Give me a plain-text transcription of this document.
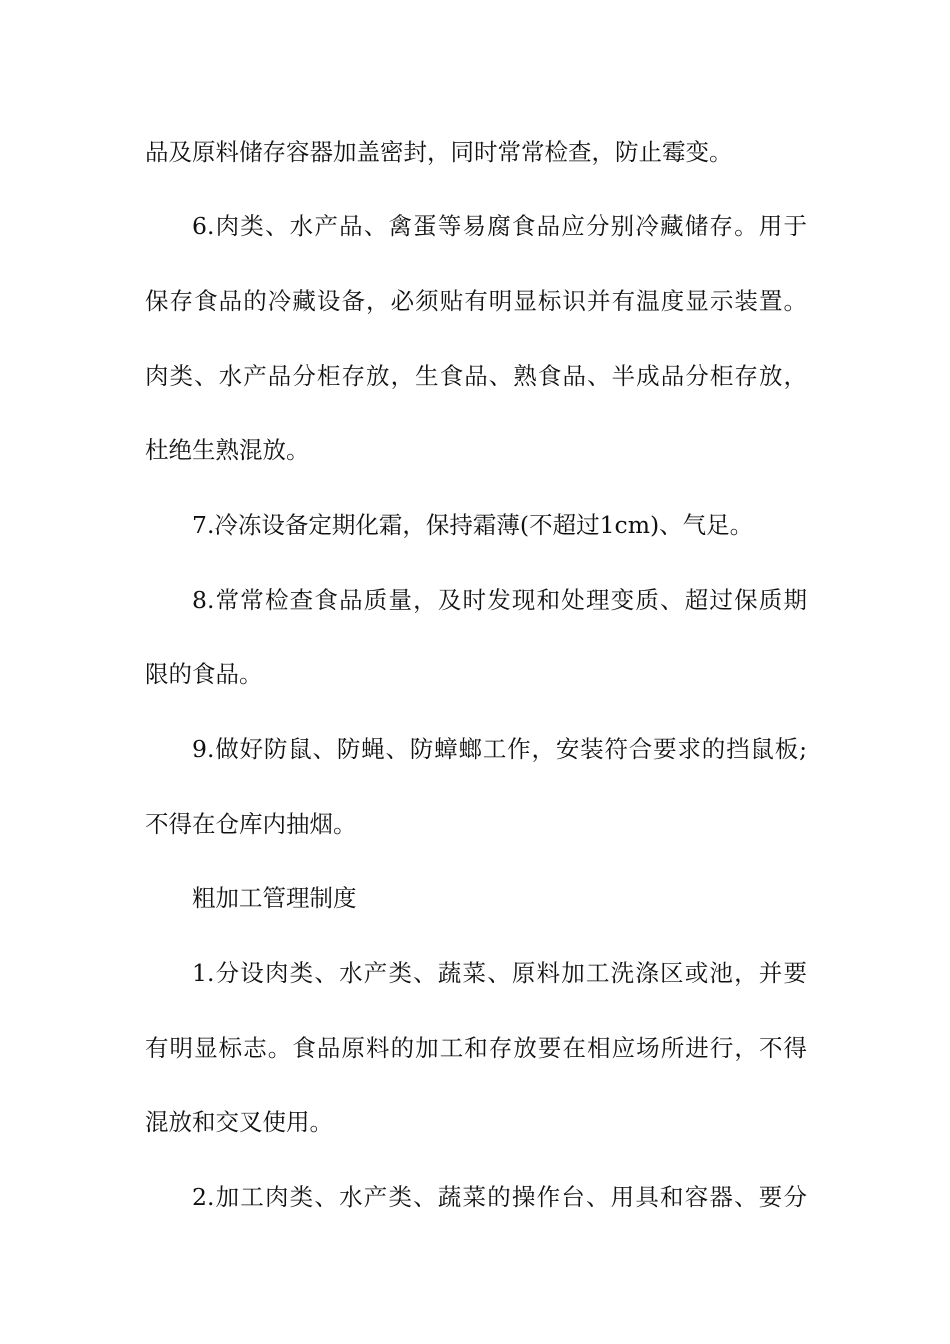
品及原料储存容器加盖密封，同时常常检查，防止霉变。
6.肉类、水产品、禽蛋等易腐食品应分别冷藏储存。用于
保存食品的冷藏设备，必须贴有明显标识并有温度显示装置。
肉类、水产品分柜存放，生食品、熟食品、半成品分柜存放，
杜绝生熟混放。
7.冷冻设备定期化霜，保持霜薄(不超过1cm)、气足。
8.常常检查食品质量，及时发现和处理变质、超过保质期
限的食品。
9.做好防鼠、防蝇、防蟑螂工作，安装符合要求的挡鼠板;
不得在仓库内抽烟。
粗加工管理制度
1.分设肉类、水产类、蔬菜、原料加工洗涤区或池，并要
有明显标志。食品原料的加工和存放要在相应场所进行，不得
混放和交叉使用。
2.加工肉类、水产类、蔬菜的操作台、用具和容器、要分
